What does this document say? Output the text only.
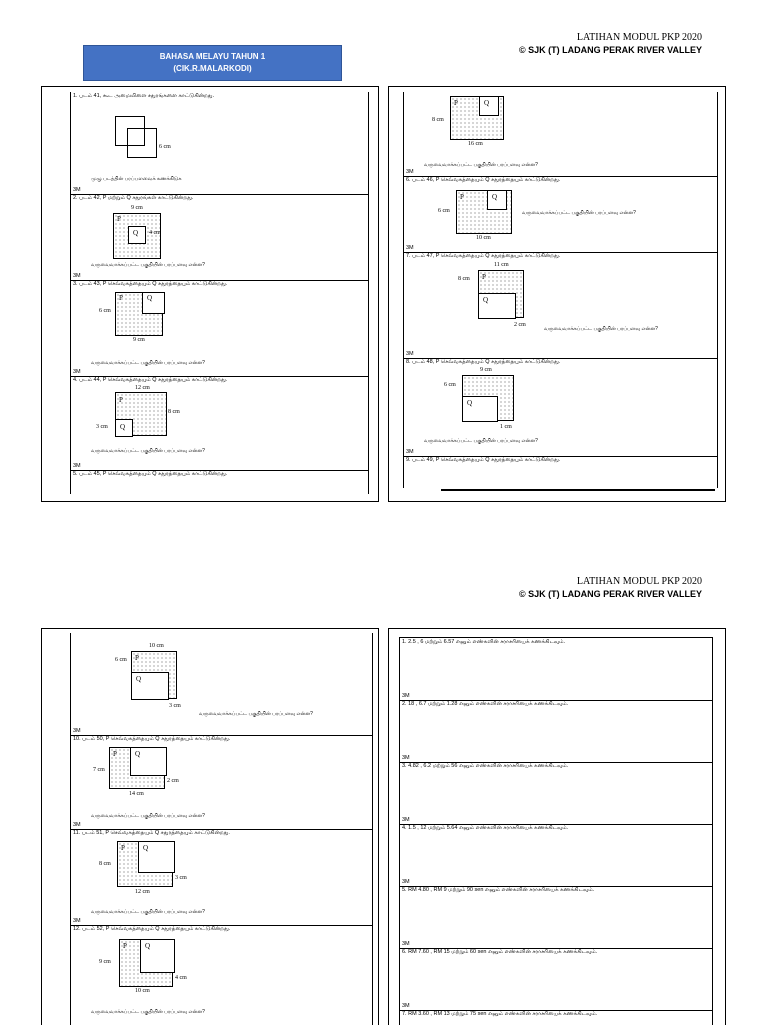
LATIHAN MODUL PKP 2020
© SJK (T) LADANG PERAK RIVER VALLEY
BAHASA MELAYU TAHUN 1
(CIK.R.MALARKODI)
LATIHAN MODUL PKP 2020
© SJK (T) LADANG PERAK RIVER VALLEY
1. படம் 41, கூட அமைவிளை சதுரங்களை காட்டுகின்றது.
6 cm
முழு படத்தின் பரப்பளவைக் கணக்கிடுக
3M
2. படம் 42, P மற்றும் Q சதுரங்கள் காட்டுகின்றது.
9 cm
P
Q 4 cm
வருவைவாக்கப்பட்ட பகுதியின் பரப்பளவு என்ன?
3M
3. படம் 43, P செவ்வகத்தையும் Q சதுரத்தையும் காட்டுகின்றது.
P	Q
6 cm
9 cm
வருவைவாக்கப்பட்ட பகுதியின் பரப்பளவு என்ன?
3M
4. படம் 44, P செவ்வகத்தையும் Q சதுரத்தையும் காட்டுகின்றது.
12 cm
P
Q
8 cm
3 cm
வருவைவாக்கப்பட்ட பகுதியின் பரப்பளவு என்ன?
3M
5. படம் 45, P செவ்வகத்தையும் Q சதுரத்தையும் காட்டுகின்றது.
P	Q
8 cm
16 cm
வருவைவாக்கப்பட்ட பகுதியின் பரப்பளவு என்ன?
3M
6. படம் 46, P செவ்வகத்தையும் Q சதுரத்தையும் காட்டுகின்றது.
P	Q
6 cm
10 cm
வருவைவாக்கப்பட்ட பகுதியின் பரப்பளவு என்ன?
3M
7. படம் 47, P செவ்வகத்தையும் Q சதுரத்தையும் காட்டுகின்றது.
11 cm
P
Q
8 cm
2 cm
வருவைவாக்கப்பட்ட பகுதியின் பரப்பளவு என்ன?
3M
8. படம் 48, P செவ்வகத்தையும் Q சதுரத்தையும் காட்டுகின்றது.
9 cm
Q
6 cm
1 cm
வருவைவாக்கப்பட்ட பகுதியின் பரப்பளவு என்ன?
3M
9. படம் 49, P செவ்வகத்தையும் Q சதுரத்தையும் காட்டுகின்றது.
10 cm
P
Q
6 cm
3 cm
வருவைவாக்கப்பட்ட பகுதியின் பரப்பளவு என்ன?
3M
10. படம் 50, P செவ்வகத்தையும் Q சதுரத்தையும் காட்டுகின்றது.
P	Q
7 cm
2 cm
14 cm
வருவைவாக்கப்பட்ட பகுதியின் பரப்பளவு என்ன?
3M
11. படம் 51, P செவ்வகத்தையும் Q சதுரத்தையும் காட்டுகின்றது.
P	Q
8 cm
3 cm
12 cm
வருவைவாக்கப்பட்ட பகுதியின் பரப்பளவு என்ன?
3M
12. படம் 52, P செவ்வகத்தையும் Q சதுரத்தையும் காட்டுகின்றது.
P	Q
9 cm
4 cm
10 cm
வருவைவாக்கப்பட்ட பகுதியின் பரப்பளவு என்ன?
1. 2.5 , 6 மற்றும் 6.57 எனும் எண்களின் சராசரியைக் கணக்கிடவும்.
3M
2. 18 , 6.7 மற்றும் 1.28 எனும் எண்களின் சராசரியைக் கணக்கிடவும்.
3M
3. 4.82 , 6.2 மற்றும் 56 எனும் எண்களின் சராசரியைக் கணக்கிடவும்.
3M
4. 1.5 , 12 மற்றும் 5.64 எனும் எண்களின் சராசரியைக் கணக்கிடவும்.
3M
5. RM 4.80 , RM 9 மற்றும் 90 sen எனும் எண்களின் சராசரியைக் கணக்கிடவும்.
3M
6. RM 7.60 , RM 15 மற்றும் 60 sen எனும் எண்களின் சராசரியைக் கணக்கிடவும்.
3M
7. RM 3.60 , RM 13 மற்றும் 75 sen எனும் எண்களின் சராசரியைக் கணக்கிடவும்.
